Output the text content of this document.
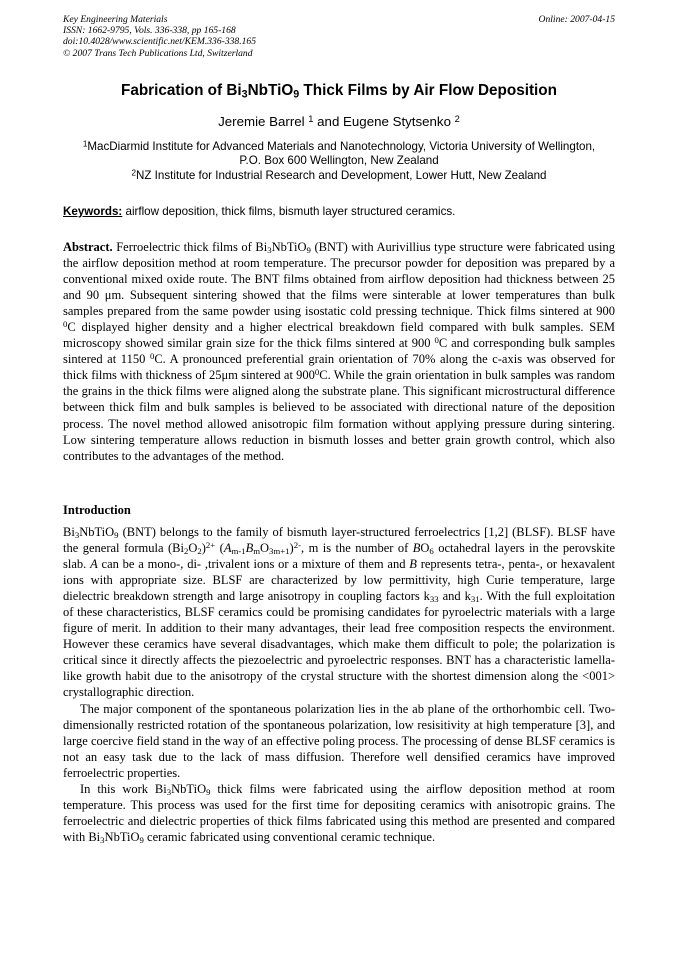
Key Engineering Materials
ISSN: 1662-9795, Vols. 336-338, pp 165-168
doi:10.4028/www.scientific.net/KEM.336-338.165
© 2007 Trans Tech Publications Ltd, Switzerland
Online: 2007-04-15
Fabrication of $Bi_3NbTiO_9$ Thick Films by Air Flow Deposition
Jeremie Barrel $^1$ and Eugene Stytsenko $^2$
$^1$MacDiarmid Institute for Advanced Materials and Nanotechnology, Victoria University of Wellington,
P.O. Box 600 Wellington, New Zealand
$^2$NZ Institute for Industrial Research and Development, Lower Hutt, New Zealand
Keywords: airflow deposition, thick films, bismuth layer structured ceramics.
Abstract. Ferroelectric thick films of $Bi_3NbTiO_9$ (BNT) with Aurivillius type structure were fabricated using the airflow deposition method at room temperature. The precursor powder for deposition was prepared by a conventional mixed oxide route. The BNT films obtained from airflow deposition had thickness between 25 and 90 μm. Subsequent sintering showed that the films were sinterable at lower temperatures than bulk samples prepared from the same powder using isostatic cold pressing technique. Thick films sintered at 900 $^0$C displayed higher density and a higher electrical breakdown field compared with bulk samples. SEM microscopy showed similar grain size for the thick films sintered at 900 $^0$C and corresponding bulk samples sintered at 1150 $^0$C. A pronounced preferential grain orientation of 70% along the c-axis was observed for thick films with thickness of 25μm sintered at $900^0C$. While the grain orientation in bulk samples was random the grains in the thick films were aligned along the substrate plane. This significant microstructural difference between thick film and bulk samples is believed to be associated with directional nature of the deposition process. The novel method allowed anisotropic film formation without applying pressure during sintering. Low sintering temperature allows reduction in bismuth losses and better grain growth control, which also contributes to the advantages of the method.
Introduction

$Bi_3NbTiO_9$ (BNT) belongs to the family of bismuth layer-structured ferroelectrics [1,2] (BLSF). BLSF have the general formula $(Bi_2O_2)^{2+}$ $(A_{m-1}B_mO_{3m+1})^{2-}$, m is the number of $BO_6$ octahedral layers in the perovskite slab. A can be a mono-, di- ,trivalent ions or a mixture of them and B represents tetra-, penta-, or hexavalent ions with appropriate size. BLSF are characterized by low permittivity, high Curie temperature, large dielectric breakdown strength and large anisotropy in coupling factors $k_{33}$ and $k_{31}$. With the full exploitation of these characteristics, BLSF ceramics could be promising candidates for pyroelectric materials with a large figure of merit. In addition to their many advantages, their lead free composition respects the environment. However these ceramics have several disadvantages, which make them difficult to pole; the polarization is critical since it directly affects the piezoelectric and pyroelectric responses. BNT has a characteristic lamella-like growth habit due to the anisotropy of the crystal structure with the shortest dimension along the <001> crystallographic direction.

The major component of the spontaneous polarization lies in the ab plane of the orthorhombic cell. Two-dimensionally restricted rotation of the spontaneous polarization, low resisitivity at high temperature [3], and large coercive field stand in the way of an effective poling process. The processing of dense BLSF ceramics is not an easy task due to the lack of mass diffusion. Therefore well densified ceramics have improved ferroelectric properties.

In this work $Bi_3NbTiO_9$ thick films were fabricated using the airflow deposition method at room temperature. This process was used for the first time for depositing ceramics with anisotropic grains. The ferroelectric and dielectric properties of thick films fabricated using this method are presented and compared with $Bi_3NbTiO_9$ ceramic fabricated using conventional ceramic technique.
